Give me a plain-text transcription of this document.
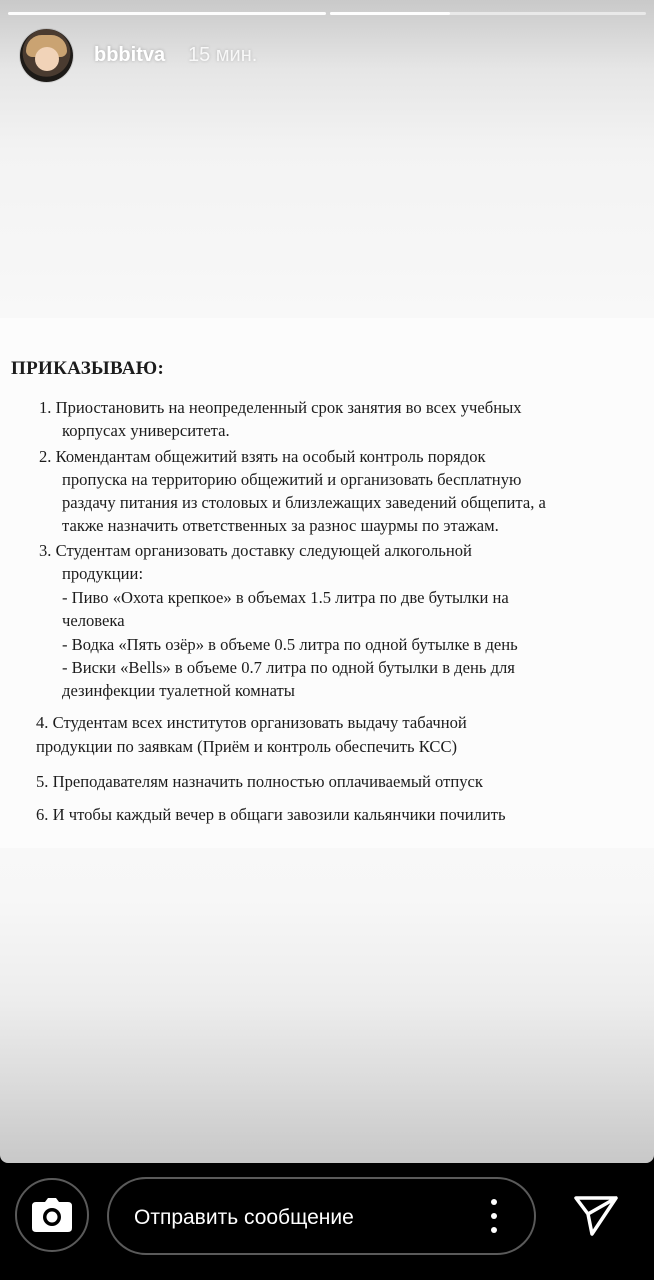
bbbitva 15 мин.
ПРИКАЗЫВАЮ:
1. Приостановить на неопределенный срок занятия во всех учебных
корпусах университета.
2. Комендантам общежитий взять на особый контроль порядок
пропуска на территорию общежитий и организовать бесплатную
раздачу питания из столовых и близлежащих заведений общепита, а
также назначить ответственных за разнос шаурмы по этажам.
3. Студентам организовать доставку следующей алкогольной
продукции:
- Пиво «Охота крепкое» в объемах 1.5 литра по две бутылки на
человека
- Водка «Пять озёр» в объеме 0.5 литра по одной бутылке в день
- Виски «Bells» в объеме 0.7 литра по одной бутылки в день для
дезинфекции туалетной комнаты
4. Студентам всех институтов организовать выдачу табачной
продукции по заявкам (Приём и контроль обеспечить КСС)
5. Преподавателям назначить полностью оплачиваемый отпуск
6. И чтобы каждый вечер в общаги завозили кальянчики почилить
Отправить сообщение
